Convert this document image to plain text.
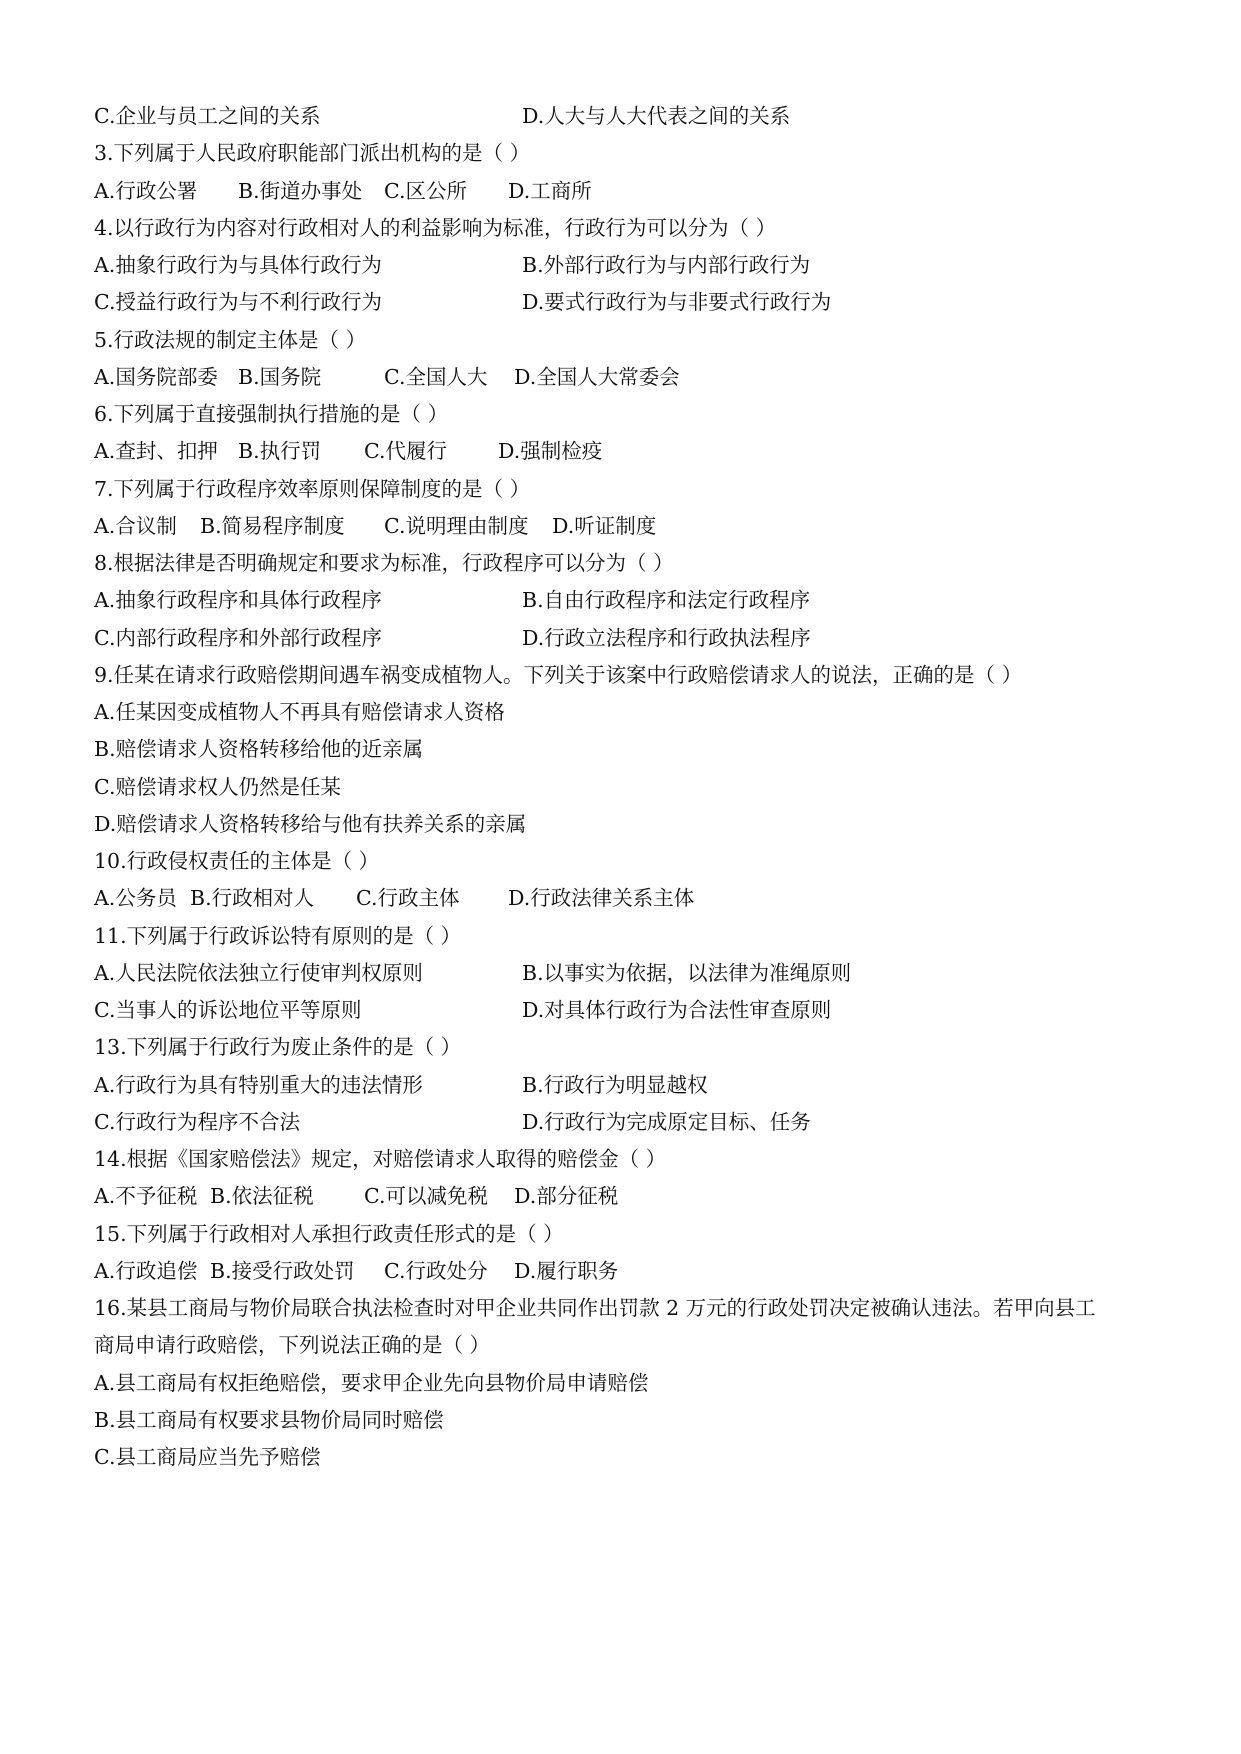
C.企业与员工之间的关系	D.人大与人大代表之间的关系
3.下列属于人民政府职能部门派出机构的是（ ）
A.行政公署 B.街道办事处 C.区公所 D.工商所
4.以行政行为内容对行政相对人的利益影响为标准，行政行为可以分为（ ）
A.抽象行政行为与具体行政行为	B.外部行政行为与内部行政行为
C.授益行政行为与不利行政行为	D.要式行政行为与非要式行政行为
5.行政法规的制定主体是（ ）
A.国务院部委 B.国务院	C.全国人大 D.全国人大常委会
6.下列属于直接强制执行措施的是（ ）
A.查封、扣押 B.执行罚 C.代履行 D.强制检疫
7.下列属于行政程序效率原则保障制度的是（ ）
A.合议制 B.简易程序制度 C.说明理由制度 D.听证制度
8.根据法律是否明确规定和要求为标准，行政程序可以分为（ ）
A.抽象行政程序和具体行政程序	B.自由行政程序和法定行政程序
C.内部行政程序和外部行政程序	D.行政立法程序和行政执法程序
9.任某在请求行政赔偿期间遇车祸变成植物人。下列关于该案中行政赔偿请求人的说法，正确的是（ ）
A.任某因变成植物人不再具有赔偿请求人资格
B.赔偿请求人资格转移给他的近亲属
C.赔偿请求权人仍然是任某
D.赔偿请求人资格转移给与他有扶养关系的亲属
10.行政侵权责任的主体是（ ）
A.公务员 B.行政相对人 C.行政主体 D.行政法律关系主体
11.下列属于行政诉讼特有原则的是（ ）
A.人民法院依法独立行使审判权原则	B.以事实为依据，以法律为准绳原则
C.当事人的诉讼地位平等原则	D.对具体行政行为合法性审查原则
13.下列属于行政行为废止条件的是（ ）
A.行政行为具有特别重大的违法情形	B.行政行为明显越权
C.行政行为程序不合法	D.行政行为完成原定目标、任务
14.根据《国家赔偿法》规定，对赔偿请求人取得的赔偿金（ ）
A.不予征税 B.依法征税 C.可以减免税 D.部分征税
15.下列属于行政相对人承担行政责任形式的是（ ）
A.行政追偿 B.接受行政处罚 C.行政处分 D.履行职务
16.某县工商局与物价局联合执法检查时对甲企业共同作出罚款 2 万元的行政处罚决定被确认违法。若甲向县工
商局申请行政赔偿，下列说法正确的是（ ）
A.县工商局有权拒绝赔偿，要求甲企业先向县物价局申请赔偿
B.县工商局有权要求县物价局同时赔偿
C.县工商局应当先予赔偿
